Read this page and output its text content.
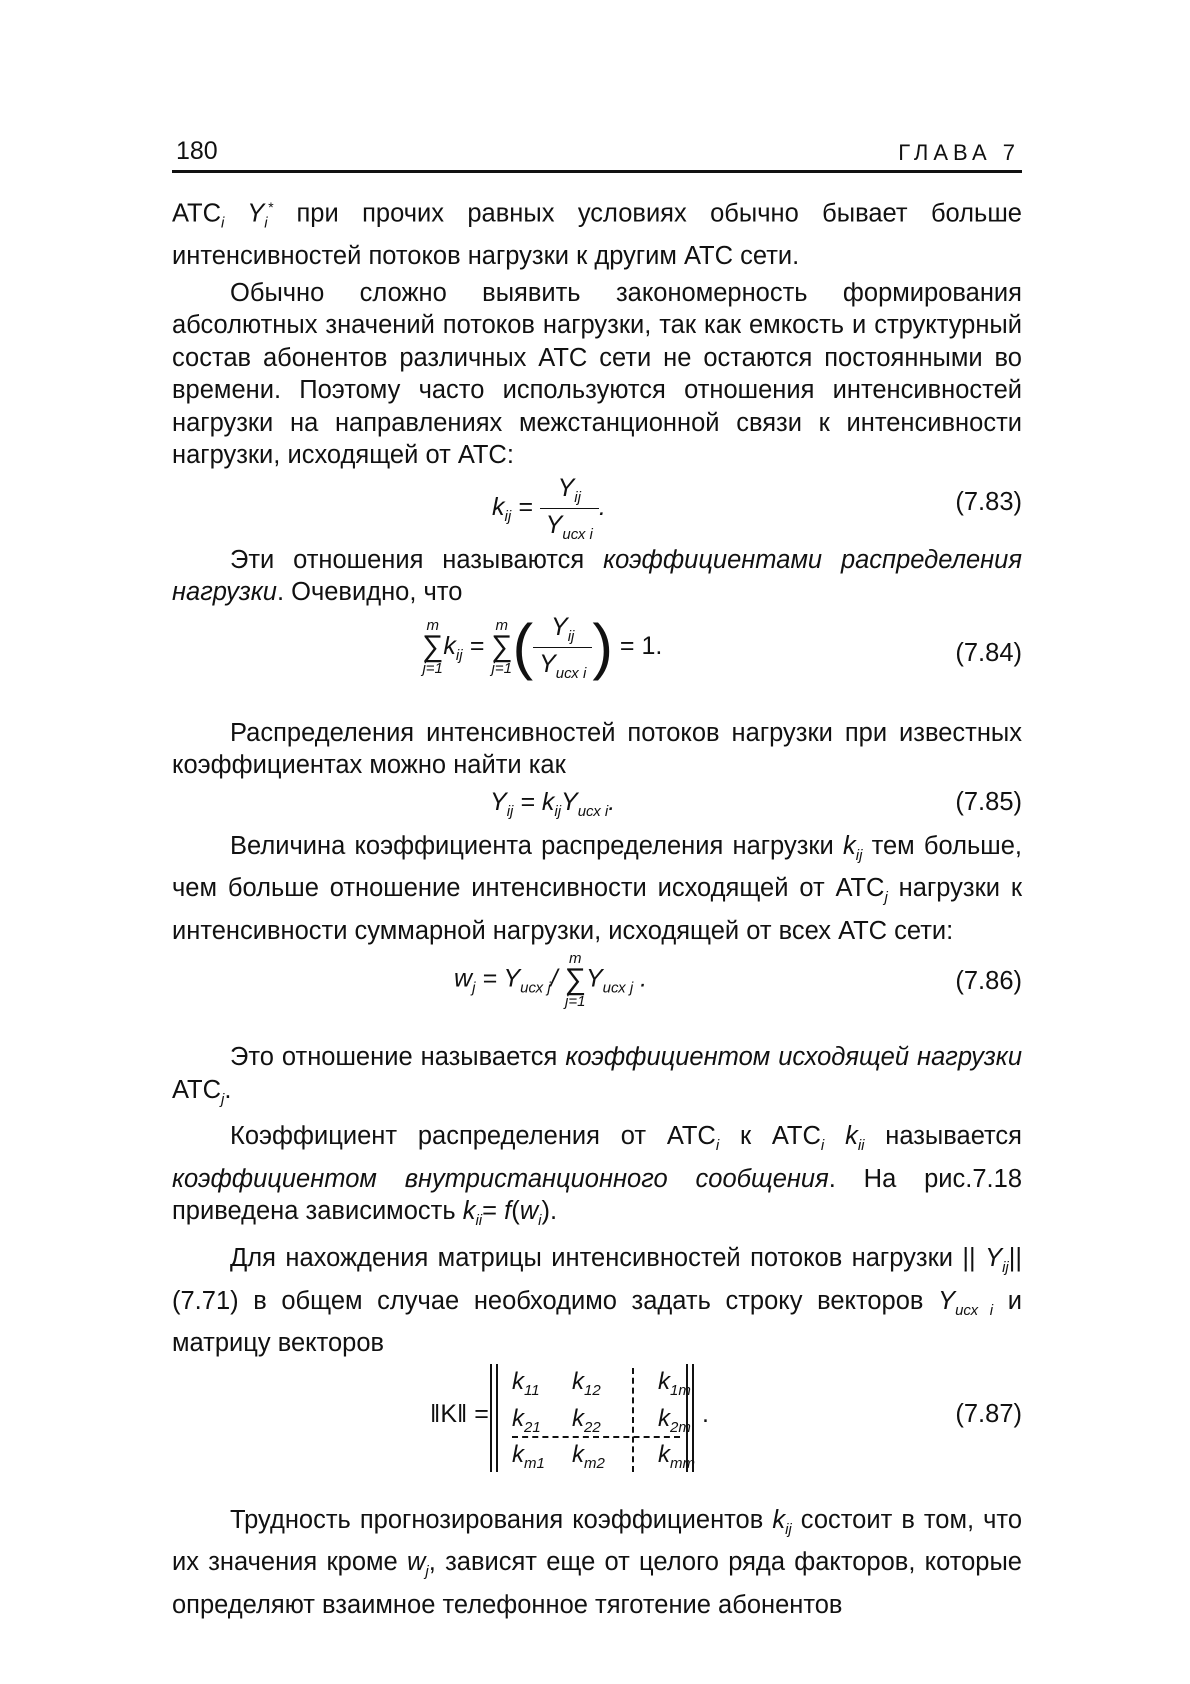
180	ГЛАВА 7

$АТС_i$ $Y_i^*$ при прочих равных условиях обычно бывает больше интенсивностей потоков нагрузки к другим АТС сети.

Обычно сложно выявить закономерность формирования абсолютных значений потоков нагрузки, так как емкость и структурный состав абонентов различных АТС сети не остаются постоянными во времени. Поэтому часто используются отношения интенсивностей нагрузки на направлениях межстанционной связи к интенсивности нагрузки, исходящей от АТС:

$k_{ij} = \frac{Y_{ij}}{Y_{исх i}}$ .	(7.83)

Эти отношения называются коэффициентами распределения нагрузки. Очевидно, что

m
∑
j=1
$k_{ij}$ =
m
∑
j=1 ( $\frac{Y_{ij}}{Y_{исх i}}$ ) = 1.	(7.84)

Распределения интенсивностей потоков нагрузки при известных коэффициентах можно найти как

$Y_{ij} = k_{ij}Y_{исх i}$.	(7.85)

Величина коэффициента распределения нагрузки $k_{ij}$ тем больше, чем больше отношение интенсивности исходящей от $АТС_j$ нагрузки к интенсивности суммарной нагрузки, исходящей от всех АТС сети:

$w_j = Y_{исх j}/$
m
∑
j=1
$Y_{исх j}$ .	(7.86)

Это отношение называется коэффициентом исходящей нагрузки $АТС_j$.

Коэффициент распределения от $АТС_i$ к $АТС_i$ $k_{ii}$ называется коэффициентом внутристанционного сообщения. На рис.7.18 приведена зависимость $k_{ii}= f(w_i)$.

Для нахождения матрицы интенсивностей потоков нагрузки || $Y_{ij}||$ (7.71) в общем случае необходимо задать строку векторов $Y_{исх i}$ и матрицу векторов

‖K‖ =
$k_{11}$	$k_{12}$	$k_{1m}$
$k_{21}$	$k_{22}$	$k_{2m}$
$k_{m1}$	$k_{m2}$	$k_{mm}$
.	(7.87)

Трудность прогнозирования коэффициентов $k_{ij}$ состоит в том, что их значения кроме $w_j$, зависят еще от целого ряда факторов, которые определяют взаимное телефонное тяготение абонентов
